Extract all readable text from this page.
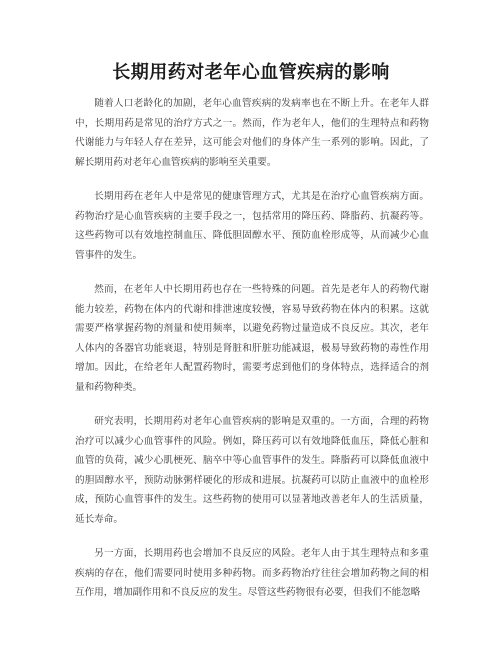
长期用药对老年心血管疾病的影响

随着人口老龄化的加剧，老年心血管疾病的发病率也在不断上升。在老年人群中，长期用药是常见的治疗方式之一。然而，作为老年人，他们的生理特点和药物代谢能力与年轻人存在差异，这可能会对他们的身体产生一系列的影响。因此，了解长期用药对老年心血管疾病的影响至关重要。

长期用药在老年人中是常见的健康管理方式，尤其是在治疗心血管疾病方面。药物治疗是心血管疾病的主要手段之一，包括常用的降压药、降脂药、抗凝药等。这些药物可以有效地控制血压、降低胆固醇水平、预防血栓形成等，从而减少心血管事件的发生。

然而，在老年人中长期用药也存在一些特殊的问题。首先是老年人的药物代谢能力较差，药物在体内的代谢和排泄速度较慢，容易导致药物在体内的积累。这就需要严格掌握药物的剂量和使用频率，以避免药物过量造成不良反应。其次，老年人体内的各器官功能衰退，特别是肾脏和肝脏功能减退，极易导致药物的毒性作用增加。因此，在给老年人配置药物时，需要考虑到他们的身体特点，选择适合的剂量和药物种类。

研究表明，长期用药对老年心血管疾病的影响是双重的。一方面，合理的药物治疗可以减少心血管事件的风险。例如，降压药可以有效地降低血压，降低心脏和血管的负荷，减少心肌梗死、脑卒中等心血管事件的发生。降脂药可以降低血液中的胆固醇水平，预防动脉粥样硬化的形成和进展。抗凝药可以防止血液中的血栓形成，预防心血管事件的发生。这些药物的使用可以显著地改善老年人的生活质量，延长寿命。

另一方面，长期用药也会增加不良反应的风险。老年人由于其生理特点和多重疾病的存在，他们需要同时使用多种药物。而多药物治疗往往会增加药物之间的相互作用，增加副作用和不良反应的发生。尽管这些药物很有必要，但我们不能忽略
